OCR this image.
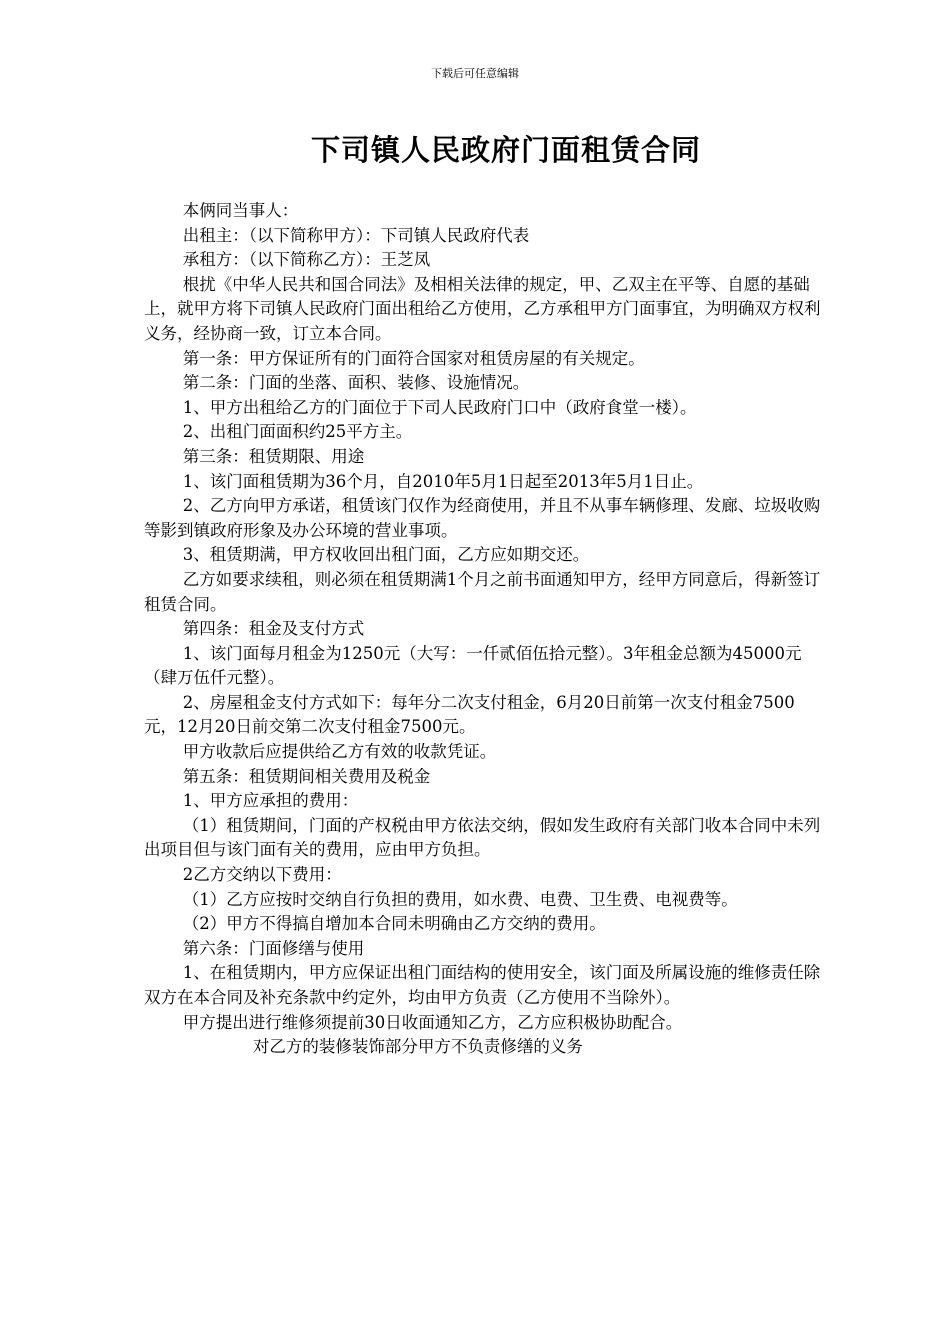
下载后可任意编辑
下司镇人民政府门面租赁合同

本俩同当事人：

出租主：（以下简称甲方）：下司镇人民政府代表

承租方：（以下简称乙方）：王芝凤

根扰《中华人民共和国合同法》及相相关法律的规定，甲、乙双主在平等、自愿的基础上，就甲方将下司镇人民政府门面出租给乙方使用，乙方承租甲方门面事宜，为明确双方权利义务，经协商一致，订立本合同。

第一条：甲方保证所有的门面符合国家对租赁房屋的有关规定。

第二条：门面的坐落、面积、装修、设施情况。

1、甲方出租给乙方的门面位于下司人民政府门口中（政府食堂一楼）。

2、出租门面面积约25平方主。

第三条：租赁期限、用途

1、该门面租赁期为36个月，自2010年5月1日起至2013年5月1日止。

2、乙方向甲方承诺，租赁该门仅作为经商使用，并且不从事车辆修理、发廊、垃圾收购等影到镇政府形象及办公环境的营业事项。

3、租赁期满，甲方权收回出租门面，乙方应如期交还。

乙方如要求续租，则必须在租赁期满1个月之前书面通知甲方，经甲方同意后，得新签订租赁合同。

第四条：租金及支付方式

1、该门面每月租金为1250元（大写：一仟贰佰伍拾元整）。3年租金总额为45000元（肆万伍仟元整）。

2、房屋租金支付方式如下：每年分二次支付租金，6月20日前第一次支付租金7500元，12月20日前交第二次支付租金7500元。

甲方收款后应提供给乙方有效的收款凭证。

第五条：租赁期间相关费用及税金

1、甲方应承担的费用：

（1）租赁期间，门面的产权税由甲方依法交纳，假如发生政府有关部门收本合同中未列出项目但与该门面有关的费用，应由甲方负担。

2乙方交纳以下费用：

（1）乙方应按时交纳自行负担的费用，如水费、电费、卫生费、电视费等。

（2）甲方不得搞自增加本合同未明确由乙方交纳的费用。

第六条：门面修缮与使用

1、在租赁期内，甲方应保证出租门面结构的使用安全，该门面及所属设施的维修责任除双方在本合同及补充条款中约定外，均由甲方负责（乙方使用不当除外）。

甲方提出进行维修须提前30日收面通知乙方，乙方应积极协助配合。

对乙方的装修装饰部分甲方不负责修缮的义务
